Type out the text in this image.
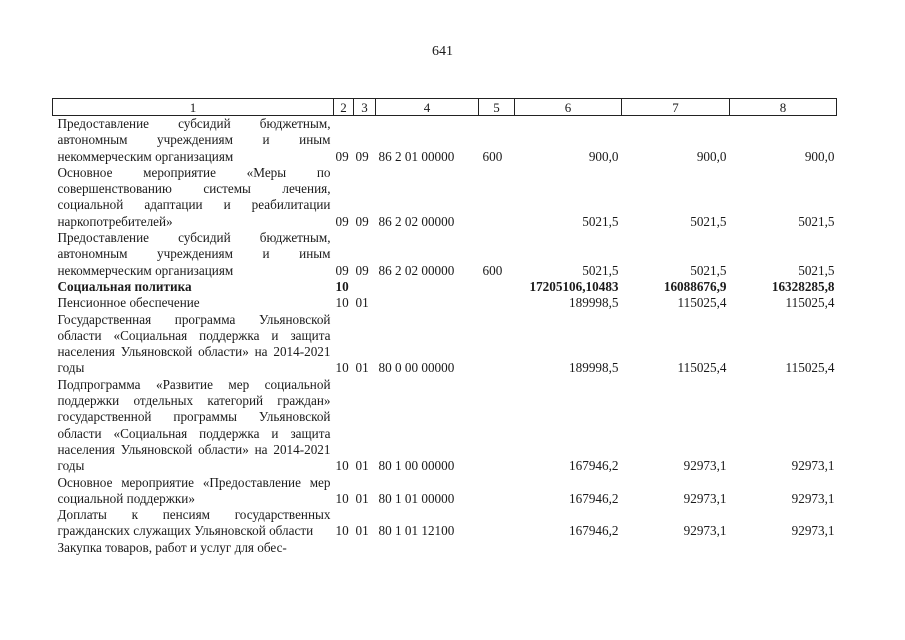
641
1	2	3	4	5	6	7	8
Предоставление субсидий бюджетным, автономным учреждениям и иным некоммерческим организациям	09	09	86 2 01 00000	600	900,0	900,0	900,0
Основное мероприятие «Меры по совершенствованию системы лечения, социальной адаптации и реабилитации наркопотребителей»	09	09	86 2 02 00000		5021,5	5021,5	5021,5
Предоставление субсидий бюджетным, автономным учреждениям и иным некоммерческим организациям	09	09	86 2 02 00000	600	5021,5	5021,5	5021,5
Социальная политика	10				17205106,10483	16088676,9	16328285,8
Пенсионное обеспечение	10	01			189998,5	115025,4	115025,4
Государственная программа Ульяновской области «Социальная поддержка и защита населения Ульяновской области» на 2014-2021 годы	10	01	80 0 00 00000		189998,5	115025,4	115025,4
Подпрограмма «Развитие мер социальной поддержки отдельных категорий граждан» государственной программы Ульяновской области «Социальная поддержка и защита населения Ульяновской области» на 2014-2021 годы	10	01	80 1 00 00000		167946,2	92973,1	92973,1
Основное мероприятие «Предоставление мер социальной поддержки»	10	01	80 1 01 00000		167946,2	92973,1	92973,1
Доплаты к пенсиям государственных гражданских служащих Ульяновской области	10	01	80 1 01 12100		167946,2	92973,1	92973,1
Закупка товаров, работ и услуг для обес-							
